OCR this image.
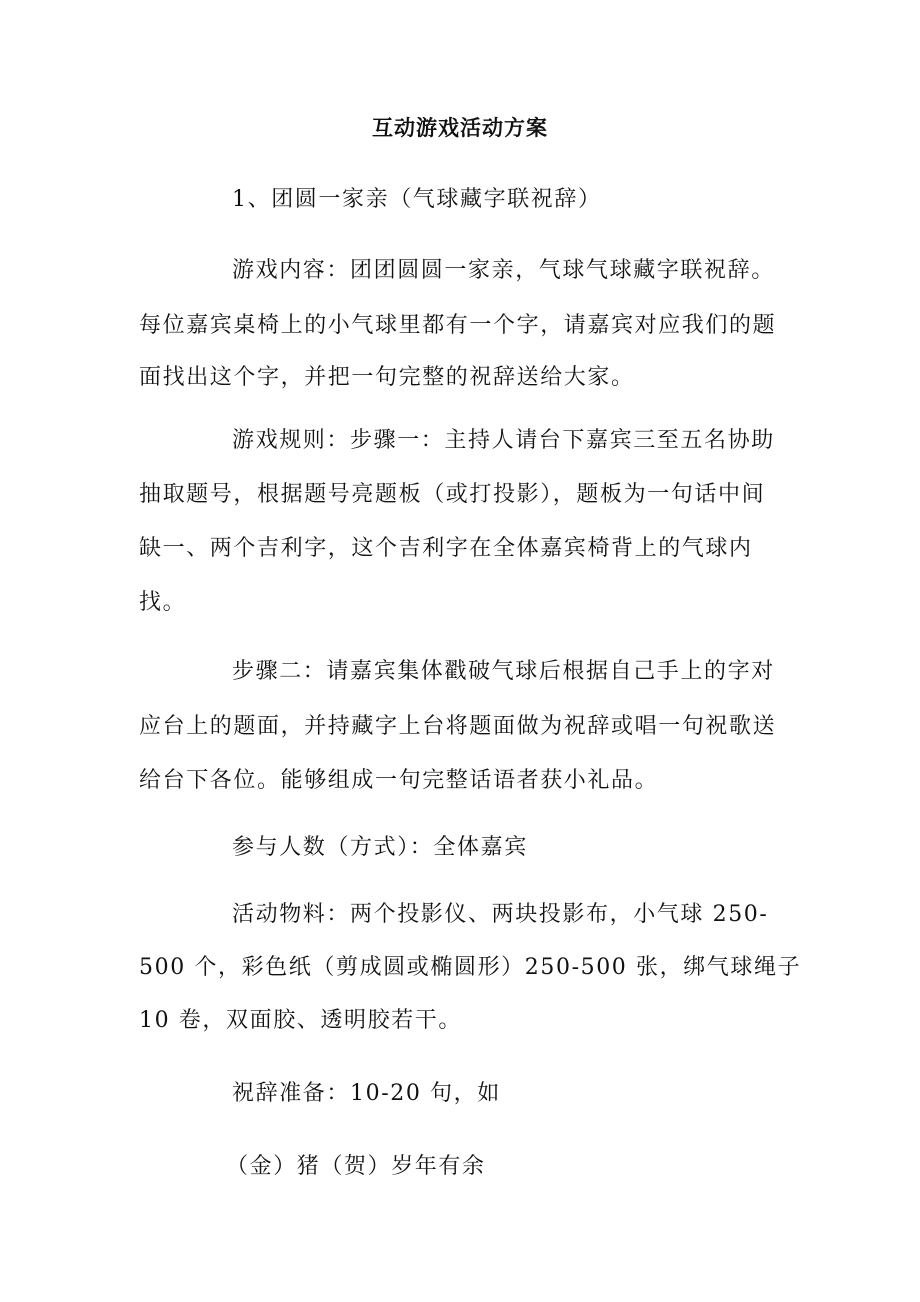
互动游戏活动方案
1、团圆一家亲（气球藏字联祝辞）
游戏内容：团团圆圆一家亲，气球气球藏字联祝辞。
每位嘉宾桌椅上的小气球里都有一个字，请嘉宾对应我们的题
面找出这个字，并把一句完整的祝辞送给大家。
游戏规则：步骤一：主持人请台下嘉宾三至五名协助
抽取题号，根据题号亮题板（或打投影），题板为一句话中间
缺一、两个吉利字，这个吉利字在全体嘉宾椅背上的气球内
找。
步骤二：请嘉宾集体戳破气球后根据自己手上的字对
应台上的题面，并持藏字上台将题面做为祝辞或唱一句祝歌送
给台下各位。能够组成一句完整话语者获小礼品。
参与人数（方式）：全体嘉宾
活动物料：两个投影仪、两块投影布，小气球 250-
500 个，彩色纸（剪成圆或椭圆形）250-500 张，绑气球绳子
10 卷，双面胶、透明胶若干。
祝辞准备：10-20 句，如
（金）猪（贺）岁年有余
